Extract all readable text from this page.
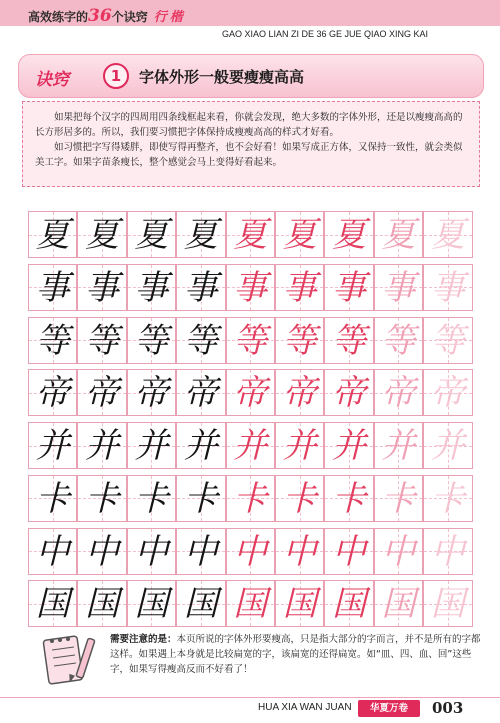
高效练字的36个诀窍 行楷
GAO XIAO LIAN ZI DE 36 GE JUE QIAO XING KAI
诀窍	1	字体外形一般要瘦瘦高高

如果把每个汉字的四周用四条线框起来看，你就会发现，绝大多数的字体外形，还是以瘦瘦高高的长方形居多的。所以，我们要习惯把字体保持成瘦瘦高高的样式才好看。

如习惯把字写得矮胖，即使写得再整齐，也不会好看！如果写成正方体，又保持一致性，就会类似美工字。如果字苗条瘦长，整个感觉会马上变得好看起来。

夏 夏 夏 夏 夏 夏 夏 夏 夏
事 事 事 事 事 事 事 事 事
等 等 等 等 等 等 等 等 等
帝 帝 帝 帝 帝 帝 帝 帝 帝
并 并 并 并 并 并 并 并 并
卡 卡 卡 卡 卡 卡 卡 卡 卡
中 中 中 中 中 中 中 中 中
国 国 国 国 国 国 国 国 国
需要注意的是：本页所说的字体外形要瘦高，只是指大部分的字而言，并不是所有的字都这样。如果遇上本身就是比较扁宽的字，该扁宽的还得扁宽。如“皿、四、血、回”这些字，如果写得瘦高反而不好看了！
HUA XIA WAN JUAN	华夏万卷	003
